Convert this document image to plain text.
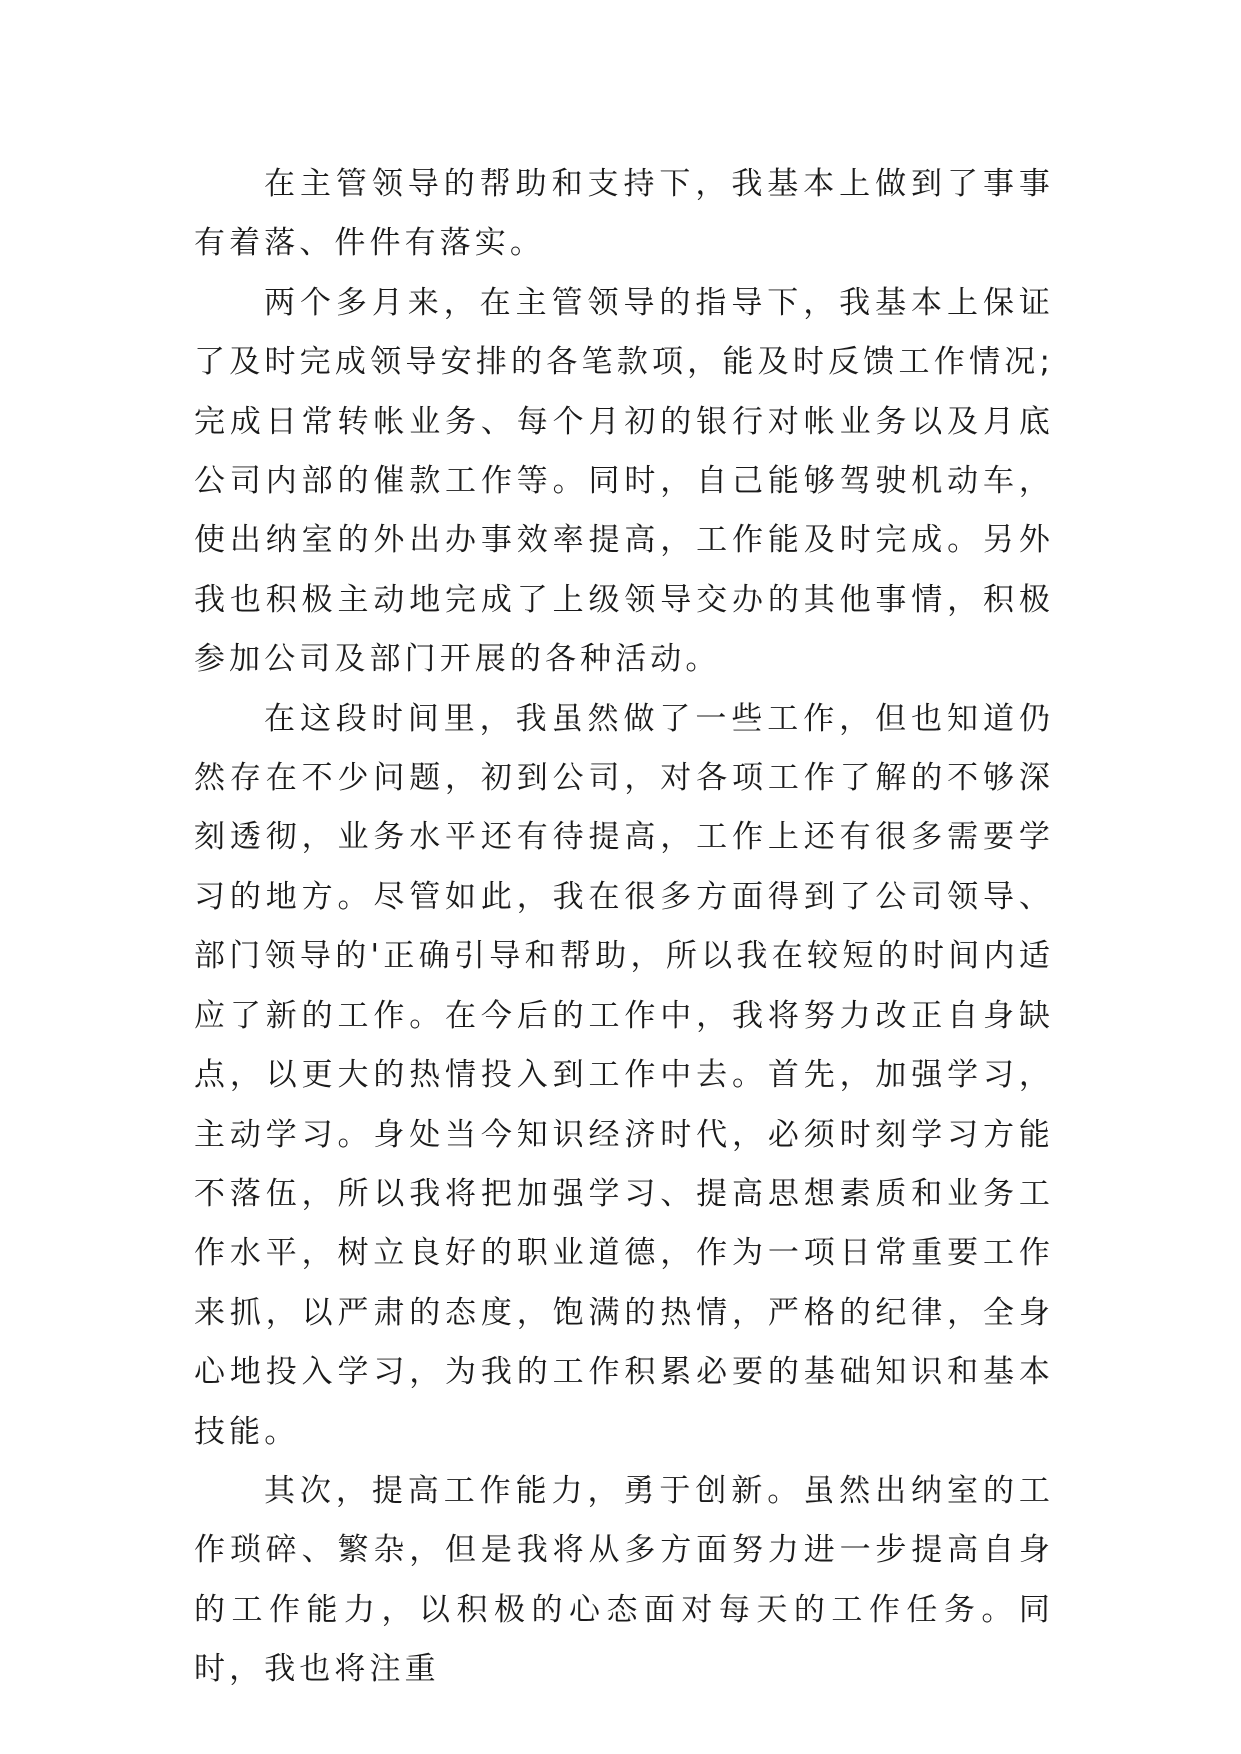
在主管领导的帮助和支持下，我基本上做到了事事有着落、件件有落实。

两个多月来，在主管领导的指导下，我基本上保证了及时完成领导安排的各笔款项，能及时反馈工作情况;完成日常转帐业务、每个月初的银行对帐业务以及月底公司内部的催款工作等。同时，自己能够驾驶机动车，使出纳室的外出办事效率提高，工作能及时完成。另外我也积极主动地完成了上级领导交办的其他事情，积极参加公司及部门开展的各种活动。

在这段时间里，我虽然做了一些工作，但也知道仍然存在不少问题，初到公司，对各项工作了解的不够深刻透彻，业务水平还有待提高，工作上还有很多需要学习的地方。尽管如此，我在很多方面得到了公司领导、部门领导的'正确引导和帮助，所以我在较短的时间内适应了新的工作。在今后的工作中，我将努力改正自身缺点，以更大的热情投入到工作中去。首先，加强学习，主动学习。身处当今知识经济时代，必须时刻学习方能不落伍，所以我将把加强学习、提高思想素质和业务工作水平，树立良好的职业道德，作为一项日常重要工作来抓，以严肃的态度，饱满的热情，严格的纪律，全身心地投入学习，为我的工作积累必要的基础知识和基本技能。

其次，提高工作能力，勇于创新。虽然出纳室的工作琐碎、繁杂，但是我将从多方面努力进一步提高自身的工作能力，以积极的心态面对每天的工作任务。同时，我也将注重
